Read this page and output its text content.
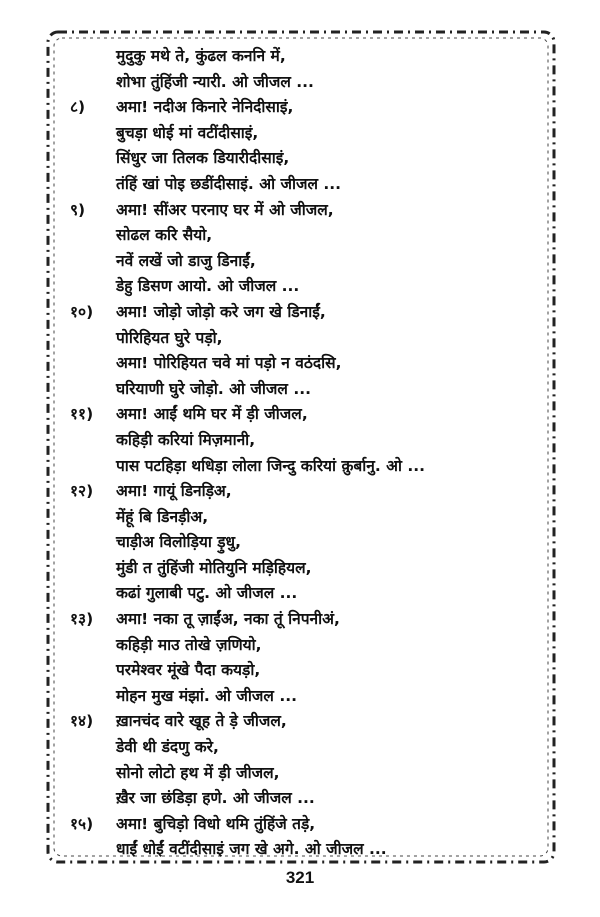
मुदुकु मथे ते, कुंढल कननि में,
शोभा तुंहिंजी न्यारी. ओ जीजल ...
८) अमा! नदीअ किनारे नेनिदीसाइं,
बुचड़ा धोई मां वटींदीसाइं,
सिंधुर जा तिलक डियारीदीसाइं,
तंहिं खां पोइ छडींदीसाइं. ओ जीजल ...
९) अमा! सींअर परनाए घर में ओ जीजल,
सोढल करि सैयो,
नवें लखें जो डाजु डिनाईं,
डेहु डिसण आयो. ओ जीजल ...
१०) अमा! जोड़ो जोड़ो करे जग खे डिनाईं,
पोरिहियत घुरे पड़ो,
अमा! पोरिहियत चवे मां पड़ो न वठंदसि,
घरियाणी घुरे जोड़ो. ओ जीजल ...
११) अमा! आईं थमि घर में ड़ी जीजल,
कहिड़ी करियां मिज़मानी,
पास पटहिड़ा थधिड़ा लोला जिन्दु करियां क़ुर्बानु. ओ ...
१२) अमा! गायूं डिनड़िअ,
मेंहूं बि डिनड़ीअ,
चाड़ीअ विलोड़िया ड़ुधु,
मुंडी त तुंहिंजी मोतियुनि मड़िहियल,
कढां गुलाबी पटु. ओ जीजल ...
१३) अमा! नका तू ज़ाईंअ, नका तूं निपनीअं,
कहिड़ी माउ तोखे ज़णियो,
परमेश्वर मूंखे पैदा कयड़ो,
मोहन मुख मंझां. ओ जीजल ...
१४) ख़ानचंद वारे खूह ते ड़े जीजल,
डेवी थी डंदणु करे,
सोनो लोटो हथ में ड़ी जीजल,
ख़ैर जा छंडिड़ा हणे. ओ जीजल ...
१५) अमा! बुचिड़ो विधो थमि तुंहिंजे तड़े,
धाईं धोईं वटींदीसाइं जग खे अगे. ओ जीजल ...
321
